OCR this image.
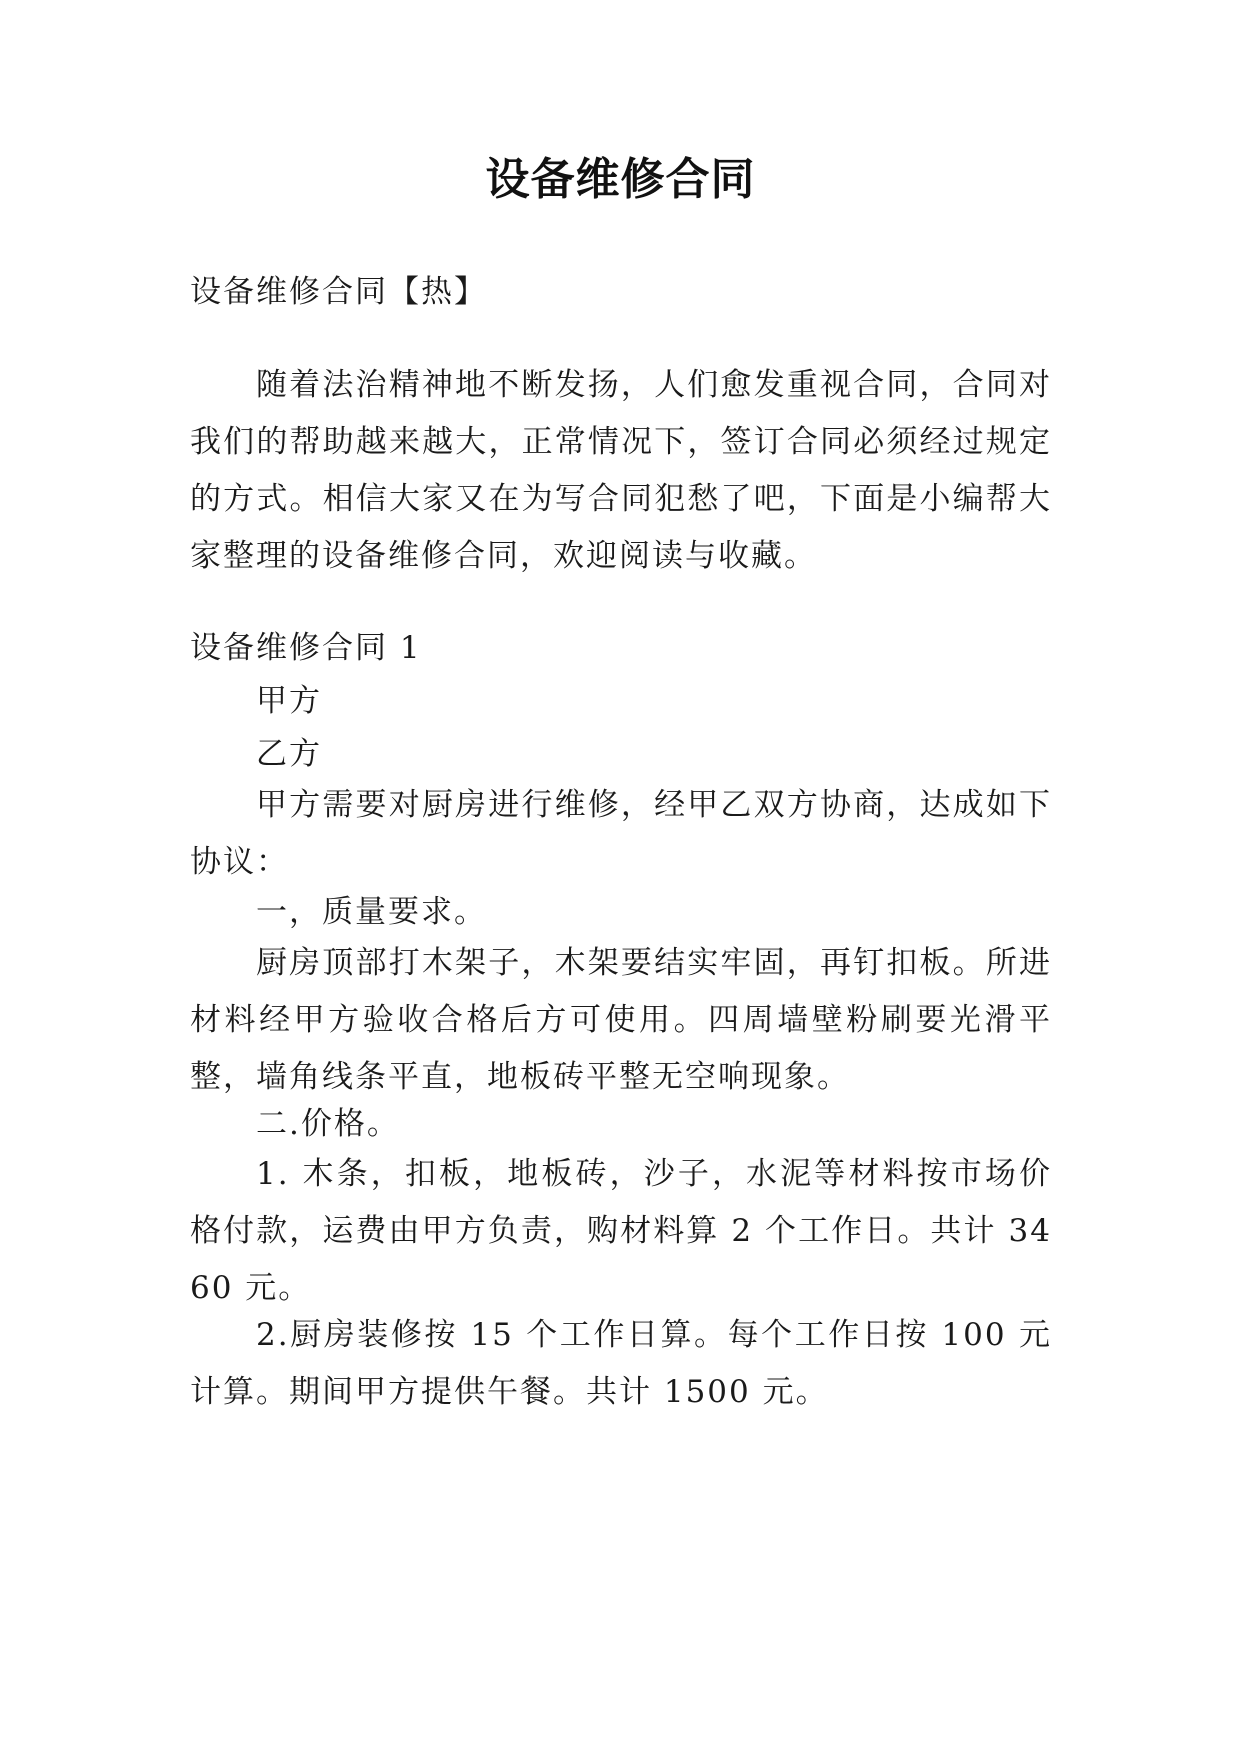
设备维修合同
设备维修合同【热】
随着法治精神地不断发扬，人们愈发重视合同，合同对我们的帮助越来越大，正常情况下，签订合同必须经过规定的方式。相信大家又在为写合同犯愁了吧，下面是小编帮大家整理的设备维修合同，欢迎阅读与收藏。
设备维修合同 1
甲方
乙方
甲方需要对厨房进行维修，经甲乙双方协商，达成如下协议：
一，质量要求。
厨房顶部打木架子，木架要结实牢固，再钉扣板。所进材料经甲方验收合格后方可使用。四周墙壁粉刷要光滑平整，墙角线条平直，地板砖平整无空响现象。
二.价格。
1. 木条，扣板，地板砖，沙子，水泥等材料按市场价格付款，运费由甲方负责，购材料算 2 个工作日。共计 3460 元。
2.厨房装修按 15 个工作日算。每个工作日按 100 元计算。期间甲方提供午餐。共计 1500 元。
